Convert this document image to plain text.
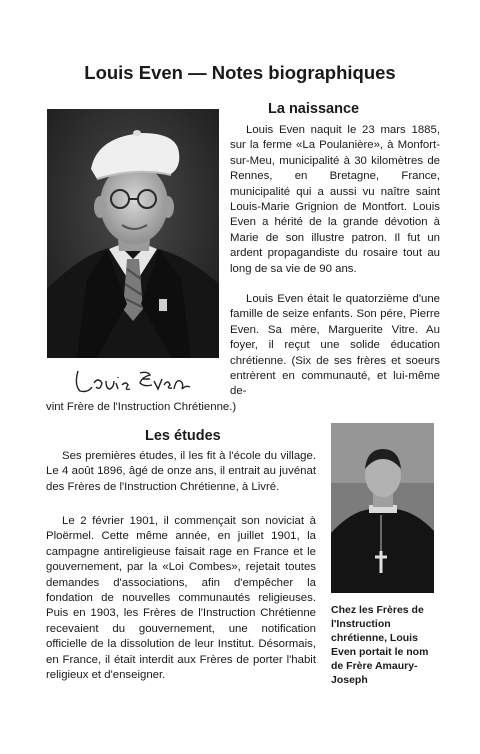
Louis Even — Notes biographiques
La naissance

Louis Even naquit le 23 mars 1885, sur la ferme «La Poulanière», à Monfort-sur-Meu, municipalité à 30 kilomètres de Rennes, en Bretagne, France, municipalité qui a aussi vu naître saint Louis-Marie Grignion de Montfort. Louis Even a hérité de la grande dévotion à Marie de son illustre patron. Il fut un ardent propagandiste du rosaire tout au long de sa vie de 90 ans.

Louis Even était le quatorzième d'une famille de seize enfants. Son pére, Pierre Even. Sa mère, Marguerite Vitre. Au foyer, il reçut une solide éducation chrétienne. (Six de ses frères et soeurs entrèrent en communauté, et lui-même de-

vint Frère de l'Instruction Chrétienne.)

Les études

Ses premières études, il les fit à l'école du village. Le 4 août 1896, âgé de onze ans, il entrait au juvénat des Frères de l'Instruction Chrétienne, à Livré.

Le 2 février 1901, il commençait son noviciat à Ploërmel. Cette même année, en juillet 1901, la campagne antireligieuse faisait rage en France et le gouvernement, par la «Loi Combes», rejetait toutes demandes d'associations, afin d'empêcher la fondation de nouvelles communautés religieuses. Puis en 1903, les Frères de l'Instruction Chrétienne recevaient du gouvernement, une notification officielle de la dissolution de leur Institut. Désormais, en France, il était interdit aux Frères de porter l'habit religieux et d'enseigner.

Chez les Frères de l'Instruction chrétienne, Louis Even portait le nom de Frère Amaury-Joseph
